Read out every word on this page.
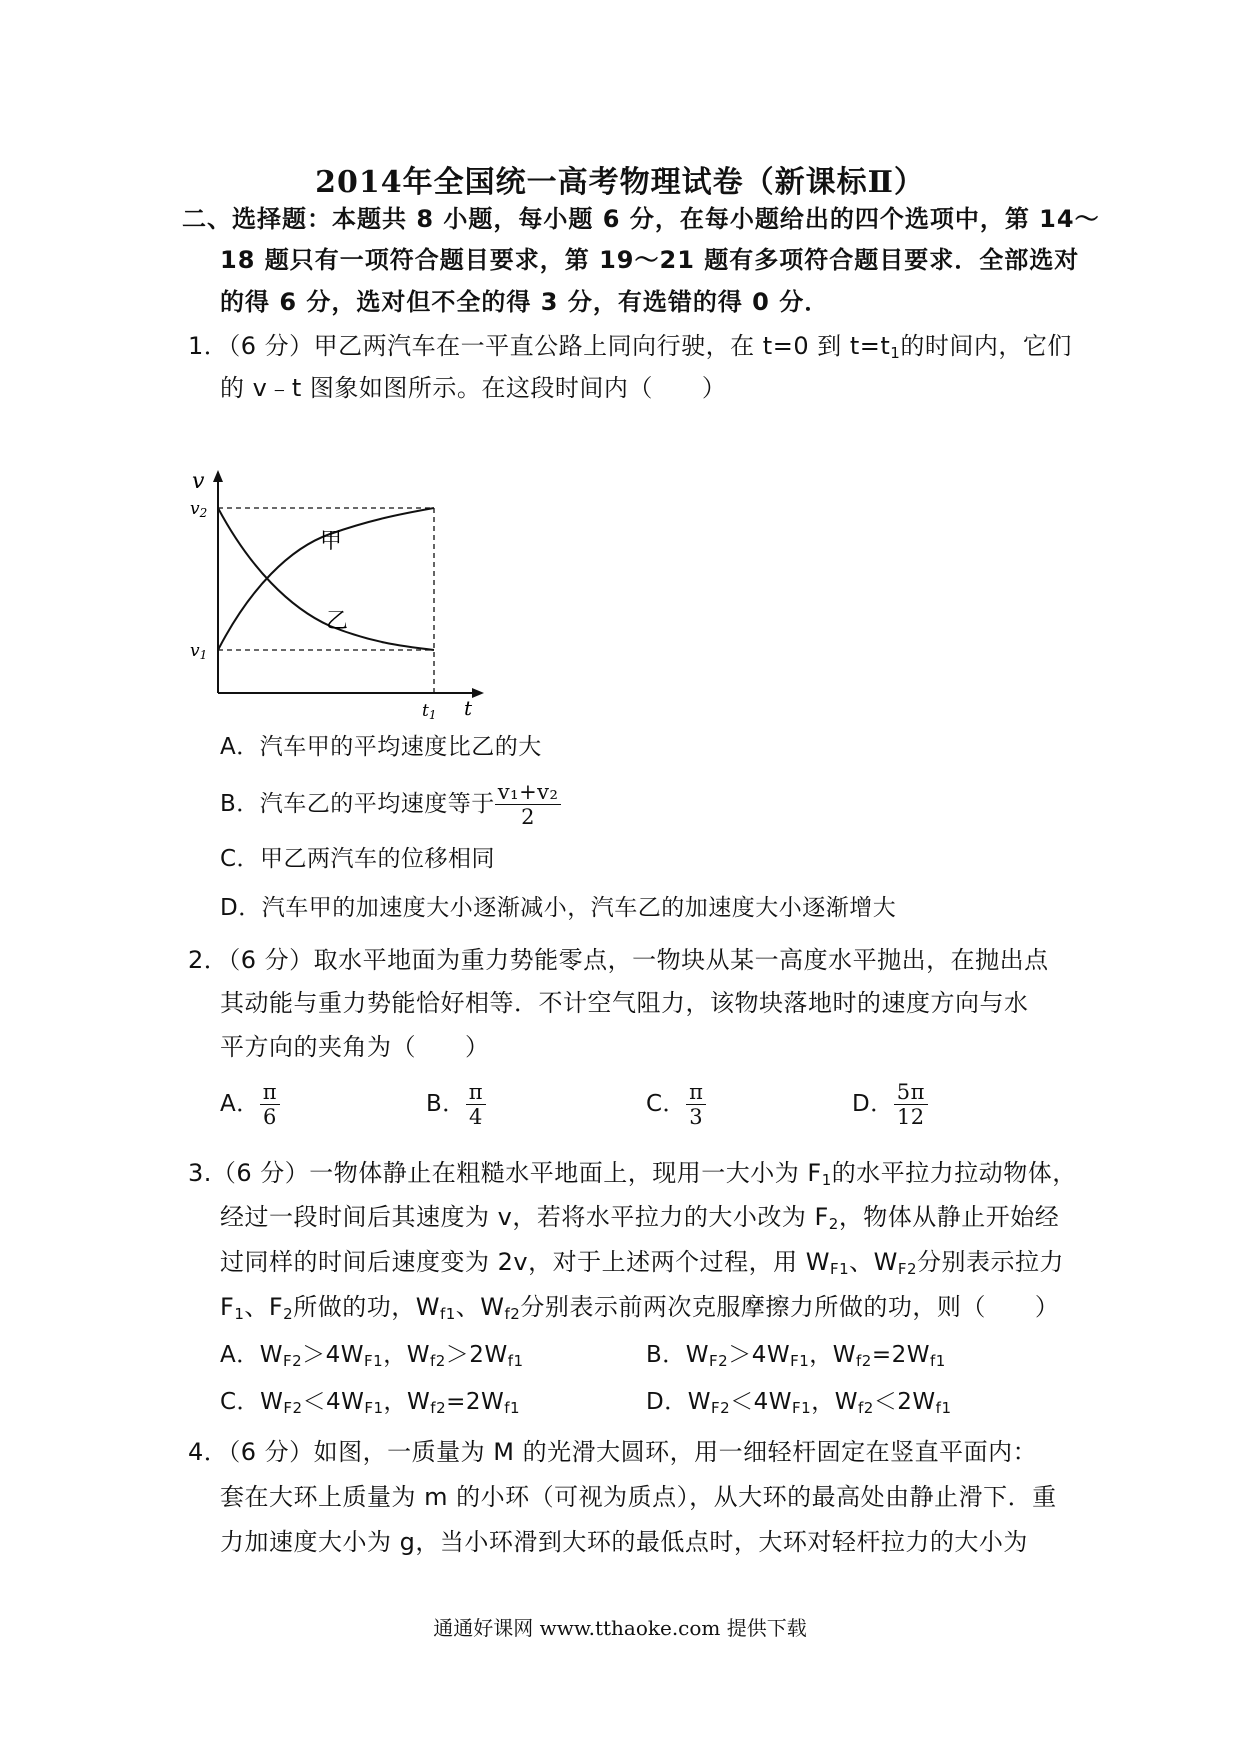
2014年全国统一高考物理试卷（新课标Ⅱ）
二、选择题：本题共 8 小题，每小题 6 分，在每小题给出的四个选项中，第 14～
18 题只有一项符合题目要求，第 19～21 题有多项符合题目要求．全部选对
的得 6 分，选对但不全的得 3 分，有选错的得 0 分．
1．（6 分）甲乙两汽车在一平直公路上同向行驶，在 t=0 到 $t=t_1$的时间内，它们
的 v﹣t 图象如图所示。在这段时间内（　　）
v
v2
v1
t1 t
甲
乙
A．汽车甲的平均速度比乙的大
B．汽车乙的平均速度等于 $\frac{\text{v₁+v₂}}{2}$
C．甲乙两汽车的位移相同
D．汽车甲的加速度大小逐渐减小，汽车乙的加速度大小逐渐增大
2．（6 分）取水平地面为重力势能零点，一物块从某一高度水平抛出，在抛出点
其动能与重力势能恰好相等．不计空气阻力，该物块落地时的速度方向与水
平方向的夹角为（　　）
A． $\frac{\pi}{6}$	B． $\frac{\pi}{4}$	C． $\frac{\pi}{3}$	D． $\frac{5\pi}{12}$
3.（6 分）一物体静止在粗糙水平地面上，现用一大小为 $F_1$的水平拉力拉动物体，
经过一段时间后其速度为 v，若将水平拉力的大小改为 $F_2$，物体从静止开始经
过同样的时间后速度变为 2v，对于上述两个过程，用 $W_{F1}$、$W_{F2}$分别表示拉力
$F_1$、$F_2$所做的功，$W_{f1}$、$W_{f2}$分别表示前两次克服摩擦力所做的功，则（　　）
A．$W_{F2}>4W_{F1}$，$W_{f2}>2W_{f1}$	B．$W_{F2}>4W_{F1}$，$W_{f2}=2W_{f1}$
C．$W_{F2}<4W_{F1}$，$W_{f2}=2W_{f1}$	D．$W_{F2}<4W_{F1}$，$W_{f2}<2W_{f1}$
4．（6 分）如图，一质量为 M 的光滑大圆环，用一细轻杆固定在竖直平面内：
套在大环上质量为 m 的小环（可视为质点），从大环的最高处由静止滑下．重
力加速度大小为 g，当小环滑到大环的最低点时，大环对轻杆拉力的大小为
通通好课网 www.tthaoke.com 提供下载
